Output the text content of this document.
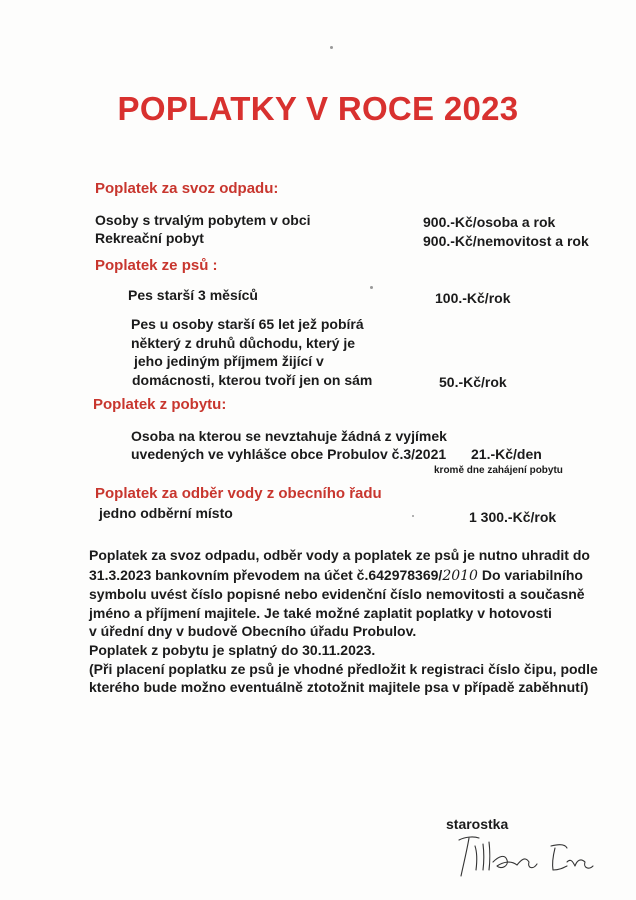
POPLATKY V ROCE 2023
Poplatek za svoz odpadu:
Osoby s trvalým pobytem v obci	900.-Kč/osoba a rok
Rekreační pobyt	900.-Kč/nemovitost a rok
Poplatek ze psů :
Pes starší 3 měsíců	100.-Kč/rok
Pes u osoby starší 65 let jež pobírá
některý z druhů důchodu, který je
jeho jediným příjmem žijící v
domácnosti, kterou tvoří jen on sám	50.-Kč/rok
Poplatek z pobytu:
Osoba na kterou se nevztahuje žádná z vyjímek
uvedených ve vyhlášce obce Probulov č.3/2021 21.-Kč/den
kromě dne zahájení pobytu
Poplatek za odběr vody z obecního řadu
jedno odběrní místo	1 300.-Kč/rok
Poplatek za svoz odpadu, odběr vody a poplatek ze psů je nutno uhradit do
31.3.2023 bankovním převodem na účet č.642978369/2010 Do variabilního
symbolu uvést číslo popisné nebo evidenční číslo nemovitosti a současně
jméno a příjmení majitele. Je také možné zaplatit poplatky v hotovosti
v úřední dny v budově Obecního úřadu Probulov.
Poplatek z pobytu je splatný do 30.11.2023.
(Při placení poplatku ze psů je vhodné předložit k registraci číslo čipu, podle
kterého bude možno eventuálně ztotožnit majitele psa v případě zaběhnutí)
starostka
